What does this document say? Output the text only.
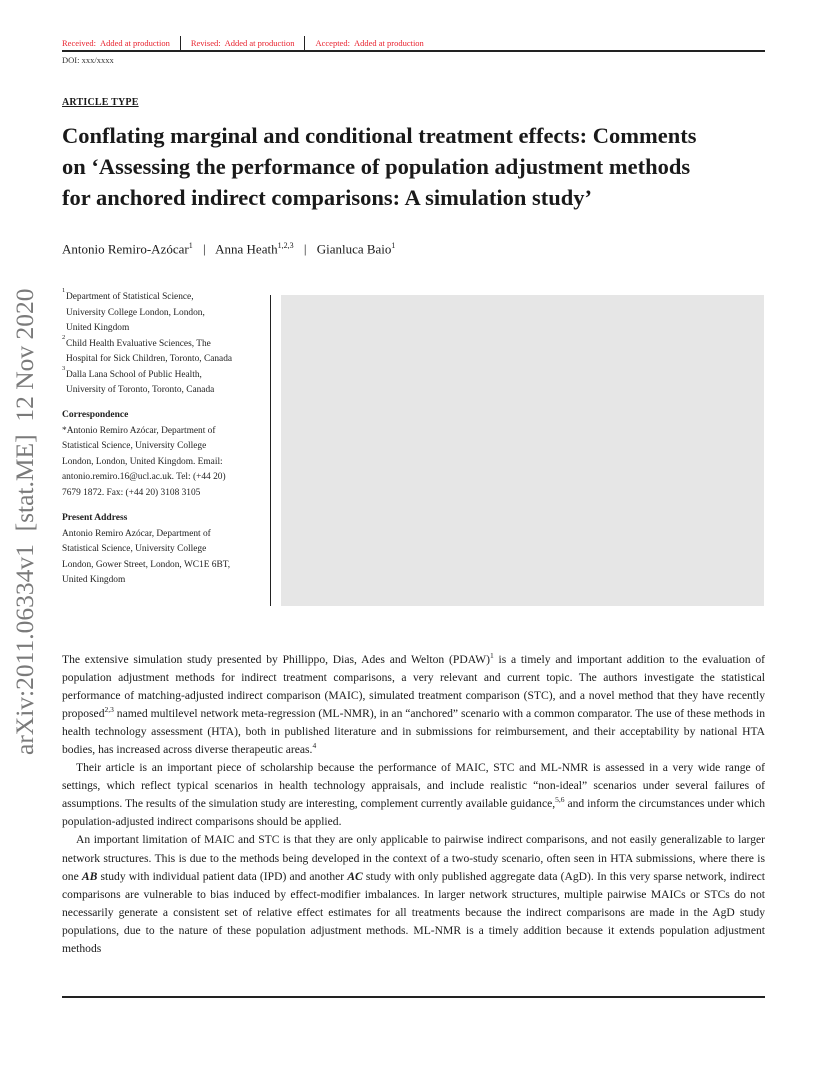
Received: Added at production	Revised: Added at production	Accepted: Added at production
DOI: xxx/xxxx
ARTICLE TYPE
Conflating marginal and conditional treatment effects: Comments
on ‘Assessing the performance of population adjustment methods
for anchored indirect comparisons: A simulation study’
Antonio Remiro-Azócar$^1$ | Anna Heath$^{1,2,3}$ | Gianluca Baio$^1$
arXiv:2011.06334v1  [stat.ME]  12 Nov 2020	1
Department of Statistical Science,
University College London, London,
United Kingdom
2
Child Health Evaluative Sciences, The
Hospital for Sick Children, Toronto, Canada
3
Dalla Lana School of Public Health,
University of Toronto, Toronto, Canada
Correspondence
*Antonio Remiro Azócar, Department of
Statistical Science, University College
London, London, United Kingdom. Email:
antonio.remiro.16@ucl.ac.uk. Tel: (+44 20)
7679 1872. Fax: (+44 20) 3108 3105
Present Address
Antonio Remiro Azócar, Department of
Statistical Science, University College
London, Gower Street, London, WC1E 6BT,
United Kingdom

The extensive simulation study presented by Phillippo, Dias, Ades and Welton (PDAW)$^1$ is a timely and important addition to the evaluation of population adjustment methods for indirect treatment comparisons, a very relevant and current topic. The authors investigate the statistical performance of matching-adjusted indirect comparison (MAIC), simulated treatment comparison (STC), and a novel method that they have recently proposed$^{2,3}$ named multilevel network meta-regression (ML-NMR), in an “anchored” scenario with a common comparator. The use of these methods in health technology assessment (HTA), both in published literature and in submissions for reimbursement, and their acceptability by national HTA bodies, has increased across diverse therapeutic areas.$^4$

Their article is an important piece of scholarship because the performance of MAIC, STC and ML-NMR is assessed in a very wide range of settings, which reflect typical scenarios in health technology appraisals, and include realistic “non-ideal” scenarios under several failures of assumptions. The results of the simulation study are interesting, complement currently available guidance,$^{5,6}$ and inform the circumstances under which population-adjusted indirect comparisons should be applied.

An important limitation of MAIC and STC is that they are only applicable to pairwise indirect comparisons, and not easily generalizable to larger network structures. This is due to the methods being developed in the context of a two-study scenario, often seen in HTA submissions, where there is one AB study with individual patient data (IPD) and another AC study with only published aggregate data (AgD). In this very sparse network, indirect comparisons are vulnerable to bias induced by effect-modifier imbalances. In larger network structures, multiple pairwise MAICs or STCs do not necessarily generate a consistent set of relative effect estimates for all treatments because the indirect comparisons are made in the AgD study populations, due to the nature of these population adjustment methods. ML-NMR is a timely addition because it extends population adjustment methods
